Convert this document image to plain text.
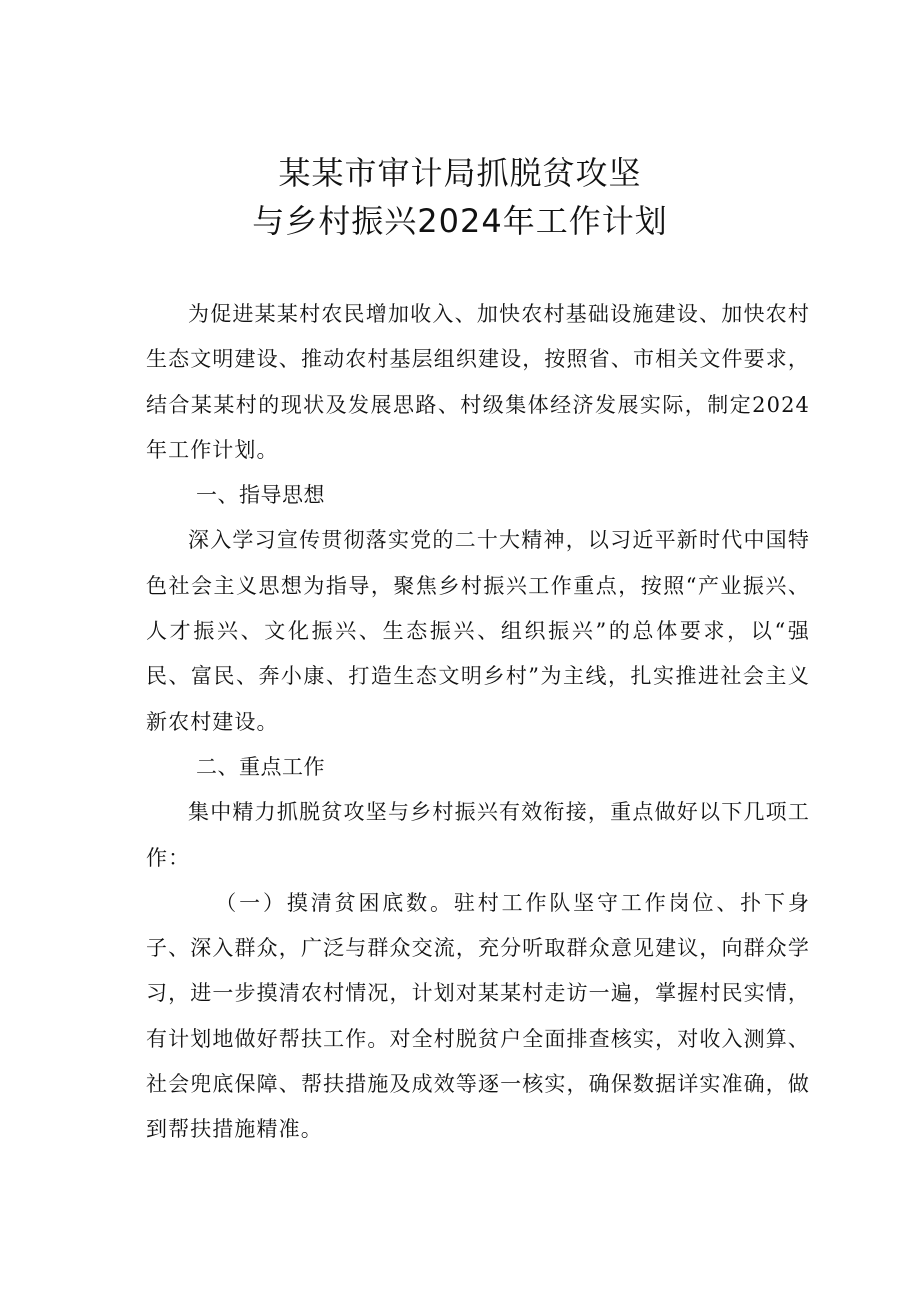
某某市审计局抓脱贫攻坚
与乡村振兴2024年工作计划

为促进某某村农民增加收入、加快农村基础设施建设、加快农村生态文明建设、推动农村基层组织建设，按照省、市相关文件要求，结合某某村的现状及发展思路、村级集体经济发展实际，制定2024年工作计划。

一、指导思想

深入学习宣传贯彻落实党的二十大精神，以习近平新时代中国特色社会主义思想为指导，聚焦乡村振兴工作重点，按照“产业振兴、人才振兴、文化振兴、生态振兴、组织振兴”的总体要求，以“强民、富民、奔小康、打造生态文明乡村”为主线，扎实推进社会主义新农村建设。

二、重点工作

集中精力抓脱贫攻坚与乡村振兴有效衔接，重点做好以下几项工作：

（一）摸清贫困底数。驻村工作队坚守工作岗位、扑下身子、深入群众，广泛与群众交流，充分听取群众意见建议，向群众学习，进一步摸清农村情况，计划对某某村走访一遍，掌握村民实情，有计划地做好帮扶工作。对全村脱贫户全面排查核实，对收入测算、社会兜底保障、帮扶措施及成效等逐一核实，确保数据详实准确，做到帮扶措施精准。
